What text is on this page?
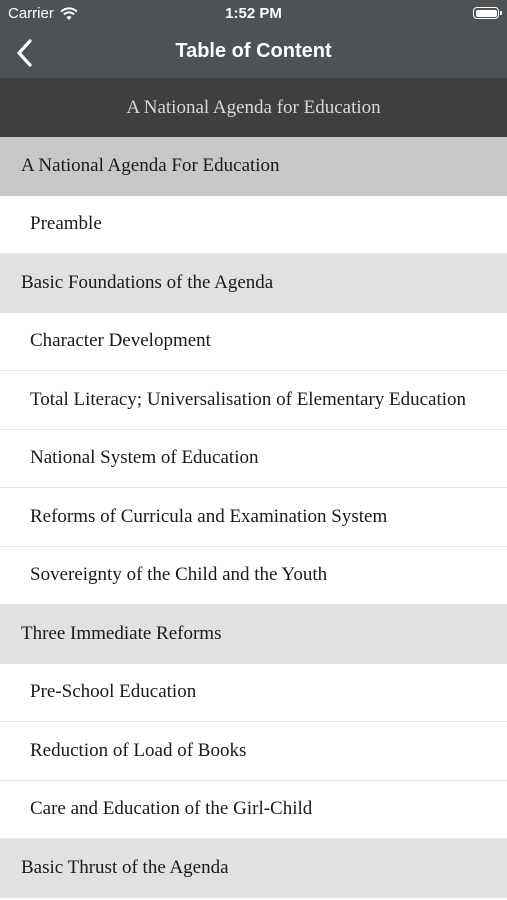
Carrier	1:52 PM
Table of Content
A National Agenda for Education
A National Agenda For Education
Preamble
Basic Foundations of the Agenda
Character Development
Total Literacy; Universalisation of Elementary Education
National System of Education
Reforms of Curricula and Examination System
Sovereignty of the Child and the Youth
Three Immediate Reforms
Pre-School Education
Reduction of Load of Books
Care and Education of the Girl-Child
Basic Thrust of the Agenda
